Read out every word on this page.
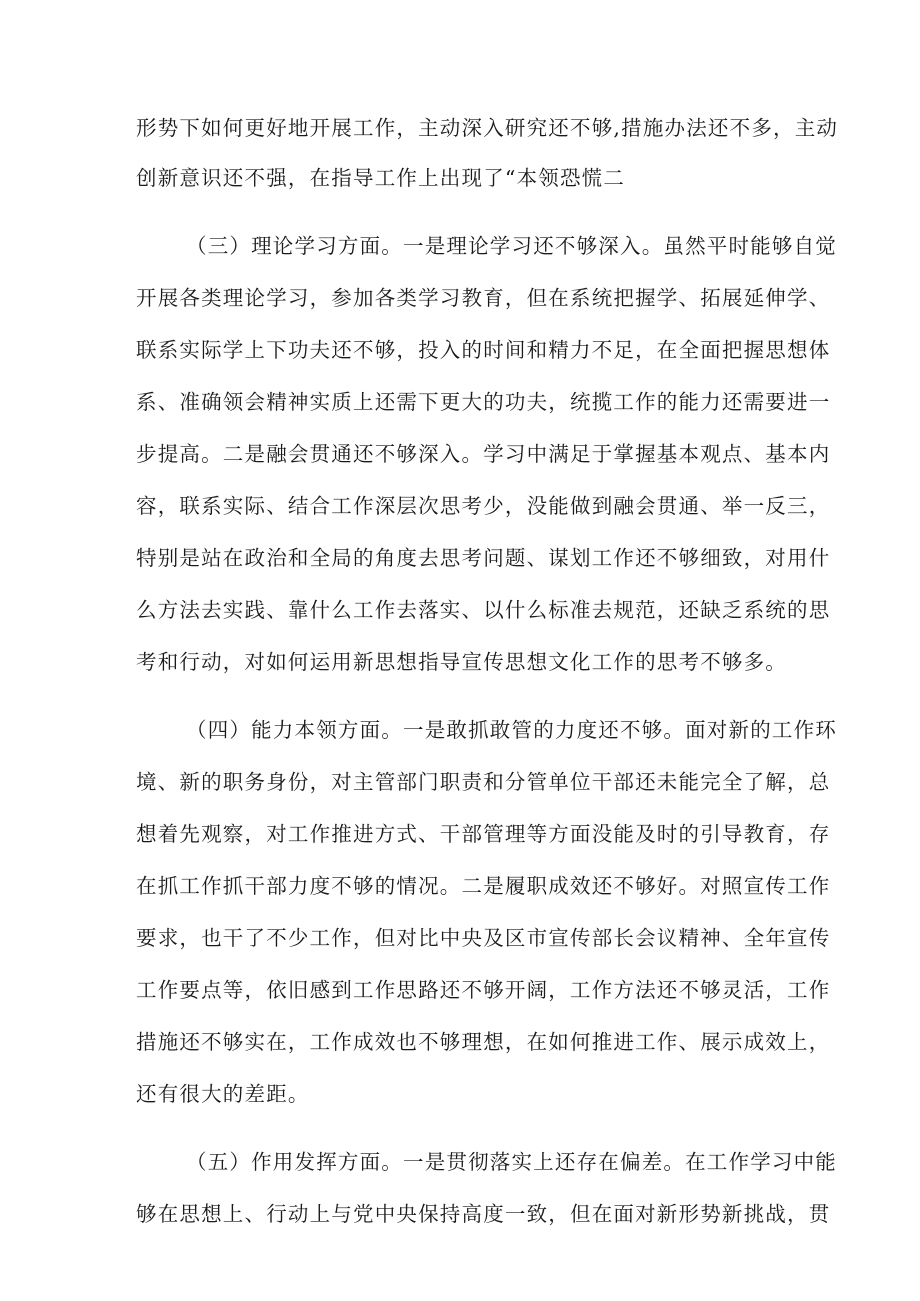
形势下如何更好地开展工作，主动深入研究还不够,措施办法还不多，主动
创新意识还不强，在指导工作上出现了“本领恐慌二
（三）理论学习方面。一是理论学习还不够深入。虽然平时能够自觉
开展各类理论学习，参加各类学习教育，但在系统把握学、拓展延伸学、
联系实际学上下功夫还不够，投入的时间和精力不足，在全面把握思想体
系、准确领会精神实质上还需下更大的功夫，统揽工作的能力还需要进一
步提高。二是融会贯通还不够深入。学习中满足于掌握基本观点、基本内
容，联系实际、结合工作深层次思考少，没能做到融会贯通、举一反三，
特别是站在政治和全局的角度去思考问题、谋划工作还不够细致，对用什
么方法去实践、靠什么工作去落实、以什么标准去规范，还缺乏系统的思
考和行动，对如何运用新思想指导宣传思想文化工作的思考不够多。
（四）能力本领方面。一是敢抓敢管的力度还不够。面对新的工作环
境、新的职务身份，对主管部门职责和分管单位干部还未能完全了解，总
想着先观察，对工作推进方式、干部管理等方面没能及时的引导教育，存
在抓工作抓干部力度不够的情况。二是履职成效还不够好。对照宣传工作
要求，也干了不少工作，但对比中央及区市宣传部长会议精神、全年宣传
工作要点等，依旧感到工作思路还不够开阔，工作方法还不够灵活，工作
措施还不够实在，工作成效也不够理想，在如何推进工作、展示成效上，
还有很大的差距。
（五）作用发挥方面。一是贯彻落实上还存在偏差。在工作学习中能
够在思想上、行动上与党中央保持高度一致，但在面对新形势新挑战，贯
